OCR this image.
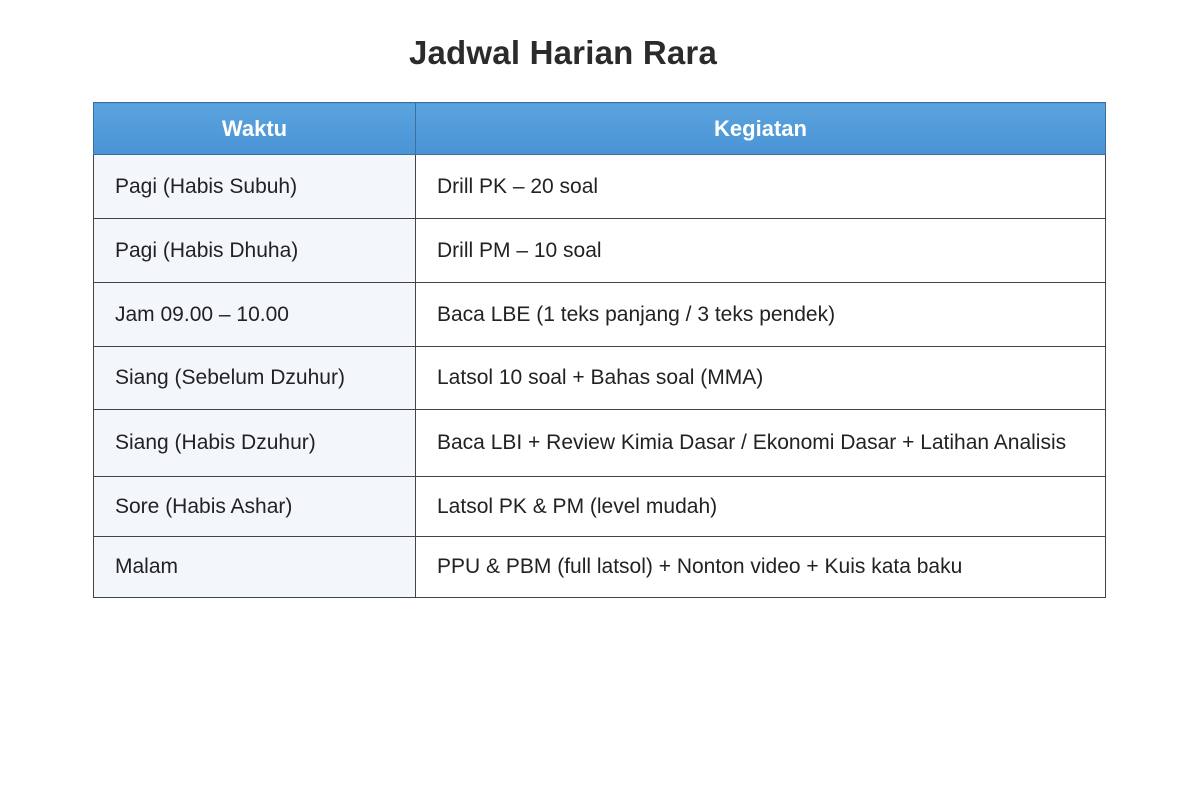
Jadwal Harian Rara
Waktu	Kegiatan
Pagi (Habis Subuh)	Drill PK – 20 soal
Pagi (Habis Dhuha)	Drill PM – 10 soal
Jam 09.00 – 10.00	Baca LBE (1 teks panjang / 3 teks pendek)
Siang (Sebelum Dzuhur)	Latsol 10 soal + Bahas soal (MMA)
Siang (Habis Dzuhur)	Baca LBI + Review Kimia Dasar / Ekonomi Dasar + Latihan Analisis
Sore (Habis Ashar)	Latsol PK & PM (level mudah)
Malam	PPU & PBM (full latsol) + Nonton video + Kuis kata baku
